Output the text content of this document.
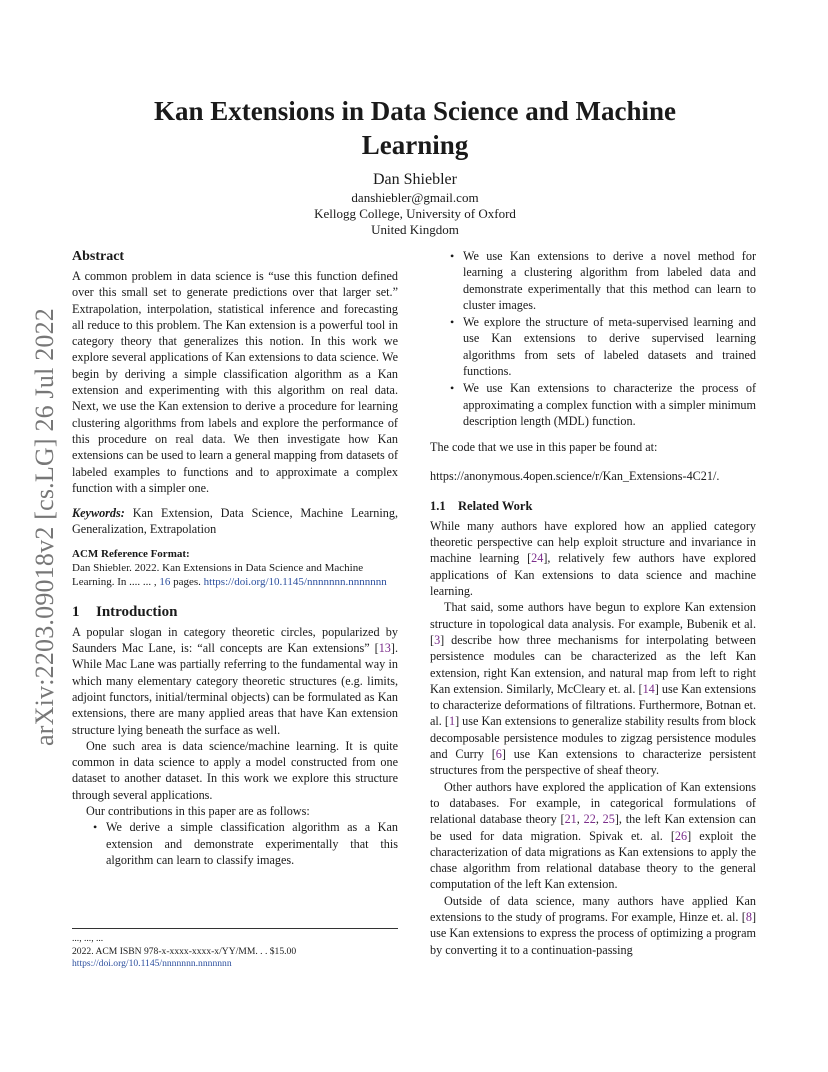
arXiv:2203.09018v2 [cs.LG] 26 Jul 2022
Kan Extensions in Data Science and Machine Learning
Dan Shiebler
danshiebler@gmail.com
Kellogg College, University of Oxford
United Kingdom
Abstract

A common problem in data science is “use this function defined over this small set to generate predictions over that larger set.” Extrapolation, interpolation, statistical inference and forecasting all reduce to this problem. The Kan extension is a powerful tool in category theory that generalizes this notion. In this work we explore several applications of Kan extensions to data science. We begin by deriving a simple classification algorithm as a Kan extension and experimenting with this algorithm on real data. Next, we use the Kan extension to derive a procedure for learning clustering algorithms from labels and explore the performance of this procedure on real data. We then investigate how Kan extensions can be used to learn a general mapping from datasets of labeled examples to functions and to approximate a complex function with a simpler one.

Keywords: Kan Extension, Data Science, Machine Learning, Generalization, Extrapolation

ACM Reference Format:

Dan Shiebler. 2022. Kan Extensions in Data Science and Machine Learning. In .... ... , 16 pages. https://doi.org/10.1145/nnnnnnn.nnnnnnn

1 Introduction

A popular slogan in category theoretic circles, popularized by Saunders Mac Lane, is: “all concepts are Kan extensions” [13]. While Mac Lane was partially referring to the fundamental way in which many elementary category theoretic structures (e.g. limits, adjoint functors, initial/terminal objects) can be formulated as Kan extensions, there are many applied areas that have Kan extension structure lying beneath the surface as well.

One such area is data science/machine learning. It is quite common in data science to apply a model constructed from one dataset to another dataset. In this work we explore this structure through several applications.

Our contributions in this paper are as follows:

• We derive a simple classification algorithm as a Kan extension and demonstrate experimentally that this algorithm can learn to classify images.

..., ..., ...

2022. ACM ISBN 978-x-xxxx-xxxx-x/YY/MM. . . $15.00

https://doi.org/10.1145/nnnnnnn.nnnnnnn

• We use Kan extensions to derive a novel method for learning a clustering algorithm from labeled data and demonstrate experimentally that this method can learn to cluster images.

• We explore the structure of meta-supervised learning and use Kan extensions to derive supervised learning algorithms from sets of labeled datasets and trained functions.

• We use Kan extensions to characterize the process of approximating a complex function with a simpler minimum description length (MDL) function.

The code that we use in this paper be found at:

https://anonymous.4open.science/r/Kan_Extensions-4C21/.

1.1 Related Work

While many authors have explored how an applied category theoretic perspective can help exploit structure and invariance in machine learning [24], relatively few authors have explored applications of Kan extensions to data science and machine learning.

That said, some authors have begun to explore Kan extension structure in topological data analysis. For example, Bubenik et al. [3] describe how three mechanisms for interpolating between persistence modules can be characterized as the left Kan extension, right Kan extension, and natural map from left to right Kan extension. Similarly, McCleary et. al. [14] use Kan extensions to characterize deformations of filtrations. Furthermore, Botnan et. al. [1] use Kan extensions to generalize stability results from block decomposable persistence modules to zigzag persistence modules and Curry [6] use Kan extensions to characterize persistent structures from the perspective of sheaf theory.

Other authors have explored the application of Kan extensions to databases. For example, in categorical formulations of relational database theory [21, 22, 25], the left Kan extension can be used for data migration. Spivak et. al. [26] exploit the characterization of data migrations as Kan extensions to apply the chase algorithm from relational database theory to the general computation of the left Kan extension.

Outside of data science, many authors have applied Kan extensions to the study of programs. For example, Hinze et. al. [8] use Kan extensions to express the process of optimizing a program by converting it to a continuation-passing
